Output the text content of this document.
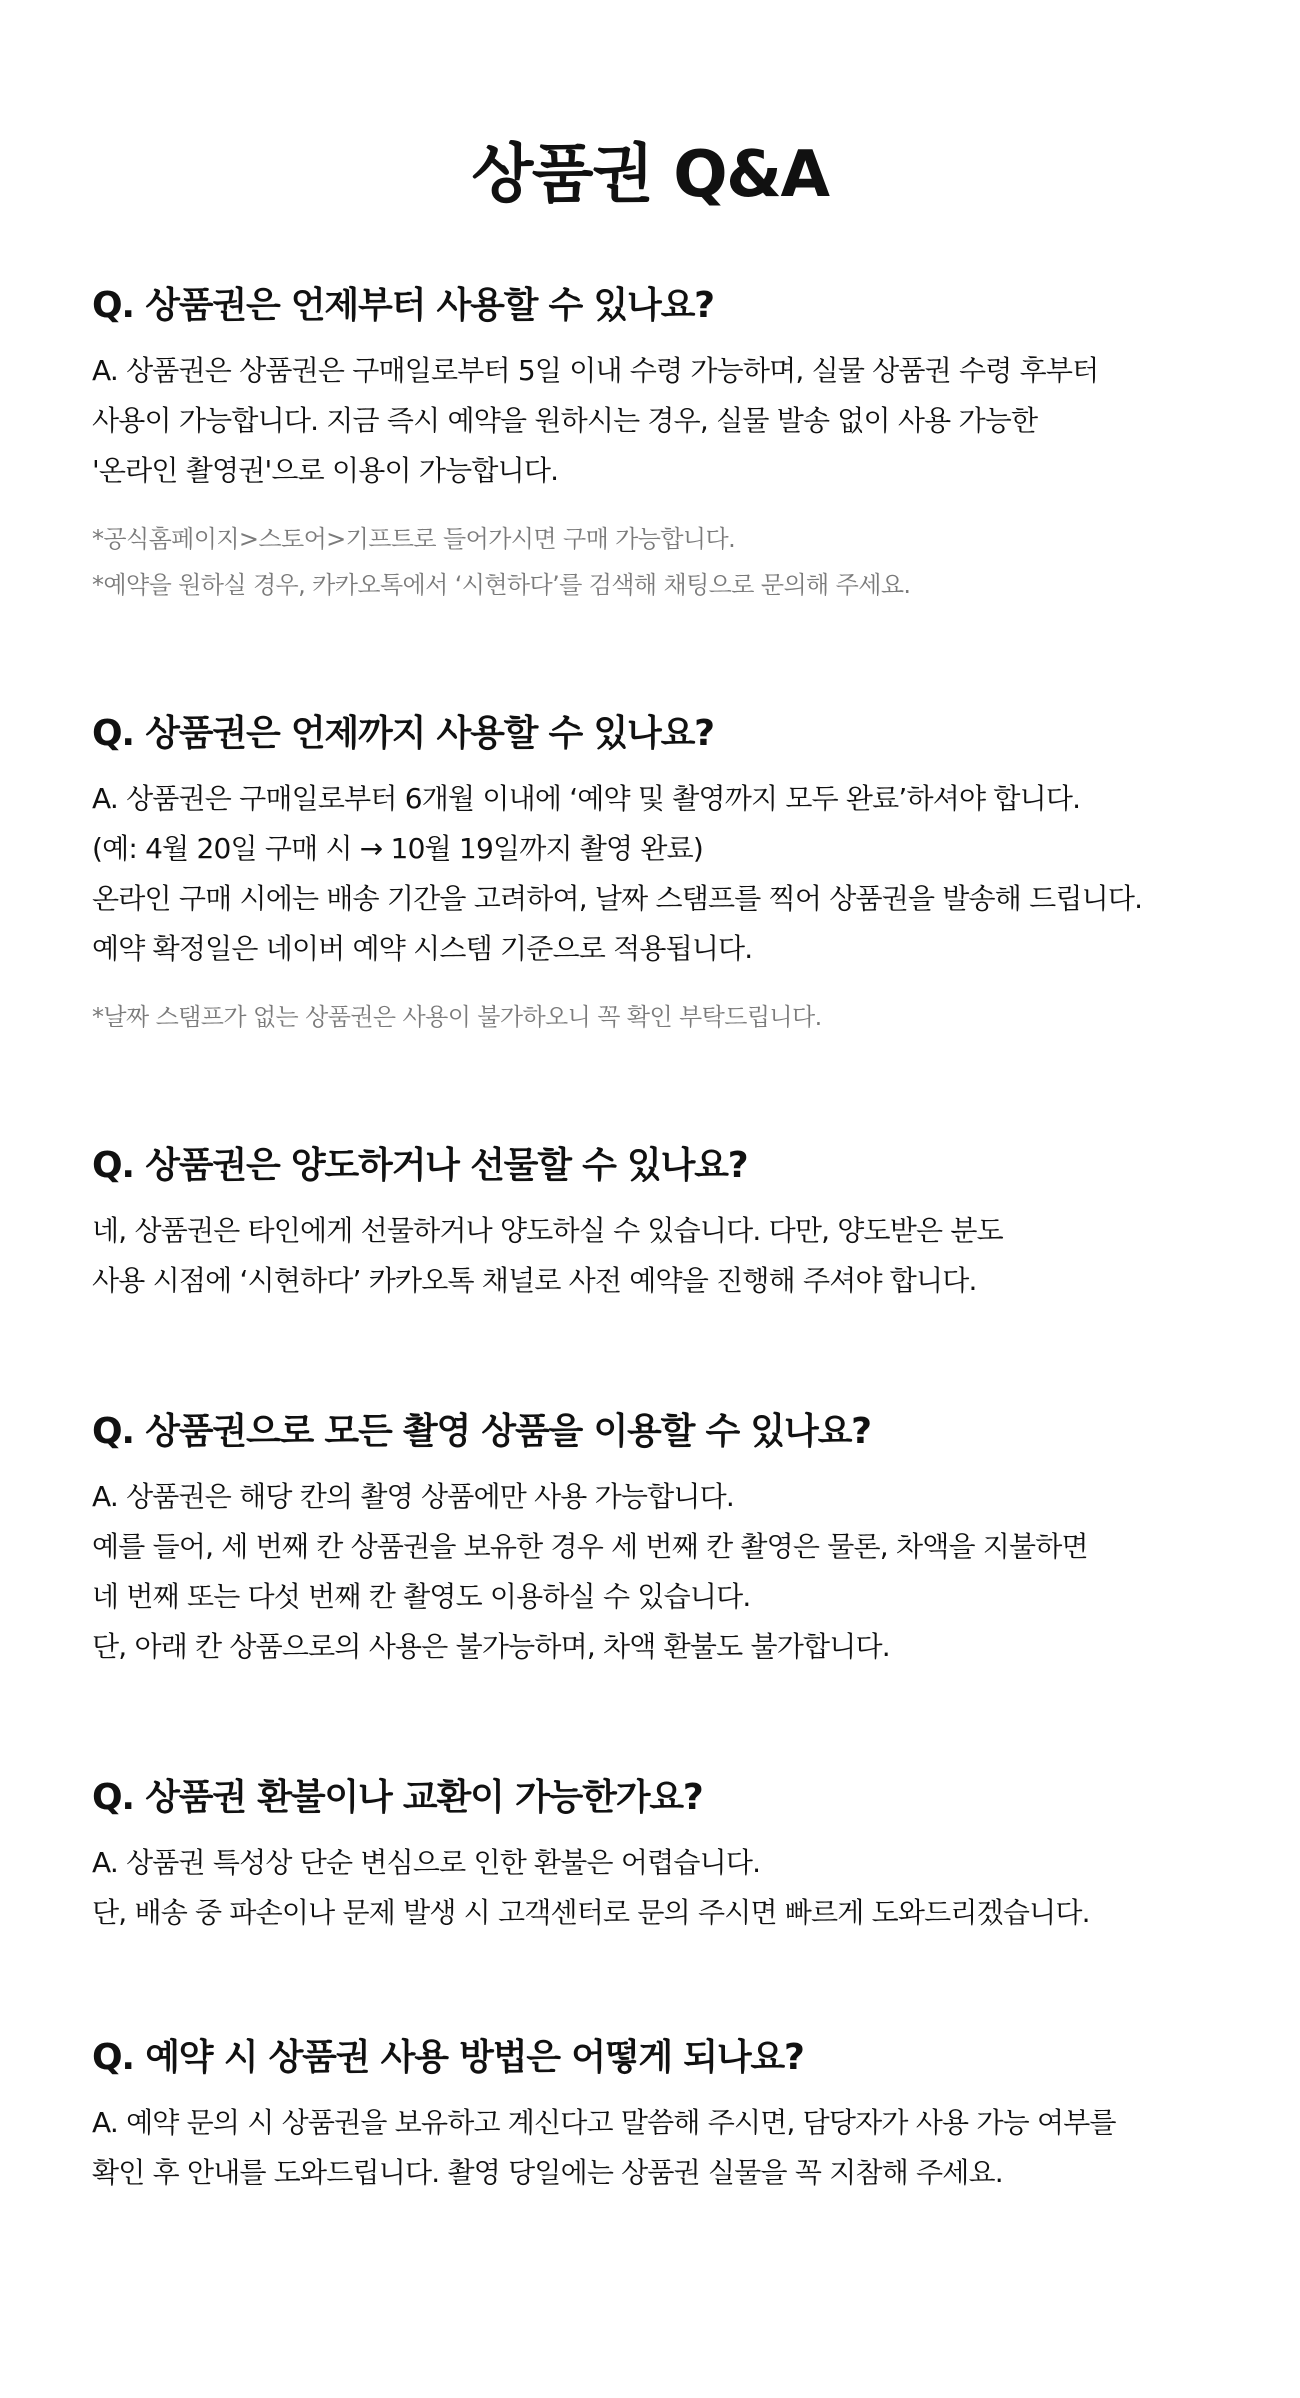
상품권 Q&A
Q. 상품권은 언제부터 사용할 수 있나요?
A. 상품권은 상품권은 구매일로부터 5일 이내 수령 가능하며, 실물 상품권 수령 후부터
사용이 가능합니다. 지금 즉시 예약을 원하시는 경우, 실물 발송 없이 사용 가능한
'온라인 촬영권'으로 이용이 가능합니다.
*공식홈페이지>스토어>기프트로 들어가시면 구매 가능합니다.
*예약을 원하실 경우, 카카오톡에서 ‘시현하다’를 검색해 채팅으로 문의해 주세요.
Q. 상품권은 언제까지 사용할 수 있나요?
A. 상품권은 구매일로부터 6개월 이내에 ‘예약 및 촬영까지 모두 완료’하셔야 합니다.
(예: 4월 20일 구매 시 → 10월 19일까지 촬영 완료)
온라인 구매 시에는 배송 기간을 고려하여, 날짜 스탬프를 찍어 상품권을 발송해 드립니다.
예약 확정일은 네이버 예약 시스템 기준으로 적용됩니다.
*날짜 스탬프가 없는 상품권은 사용이 불가하오니 꼭 확인 부탁드립니다.
Q. 상품권은 양도하거나 선물할 수 있나요?
네, 상품권은 타인에게 선물하거나 양도하실 수 있습니다. 다만, 양도받은 분도
사용 시점에 ‘시현하다’ 카카오톡 채널로 사전 예약을 진행해 주셔야 합니다.
Q. 상품권으로 모든 촬영 상품을 이용할 수 있나요?
A. 상품권은 해당 칸의 촬영 상품에만 사용 가능합니다.
예를 들어, 세 번째 칸 상품권을 보유한 경우 세 번째 칸 촬영은 물론, 차액을 지불하면
네 번째 또는 다섯 번째 칸 촬영도 이용하실 수 있습니다.
단, 아래 칸 상품으로의 사용은 불가능하며, 차액 환불도 불가합니다.
Q. 상품권 환불이나 교환이 가능한가요?
A. 상품권 특성상 단순 변심으로 인한 환불은 어렵습니다.
단, 배송 중 파손이나 문제 발생 시 고객센터로 문의 주시면 빠르게 도와드리겠습니다.
Q. 예약 시 상품권 사용 방법은 어떻게 되나요?
A. 예약 문의 시 상품권을 보유하고 계신다고 말씀해 주시면, 담당자가 사용 가능 여부를
확인 후 안내를 도와드립니다. 촬영 당일에는 상품권 실물을 꼭 지참해 주세요.
